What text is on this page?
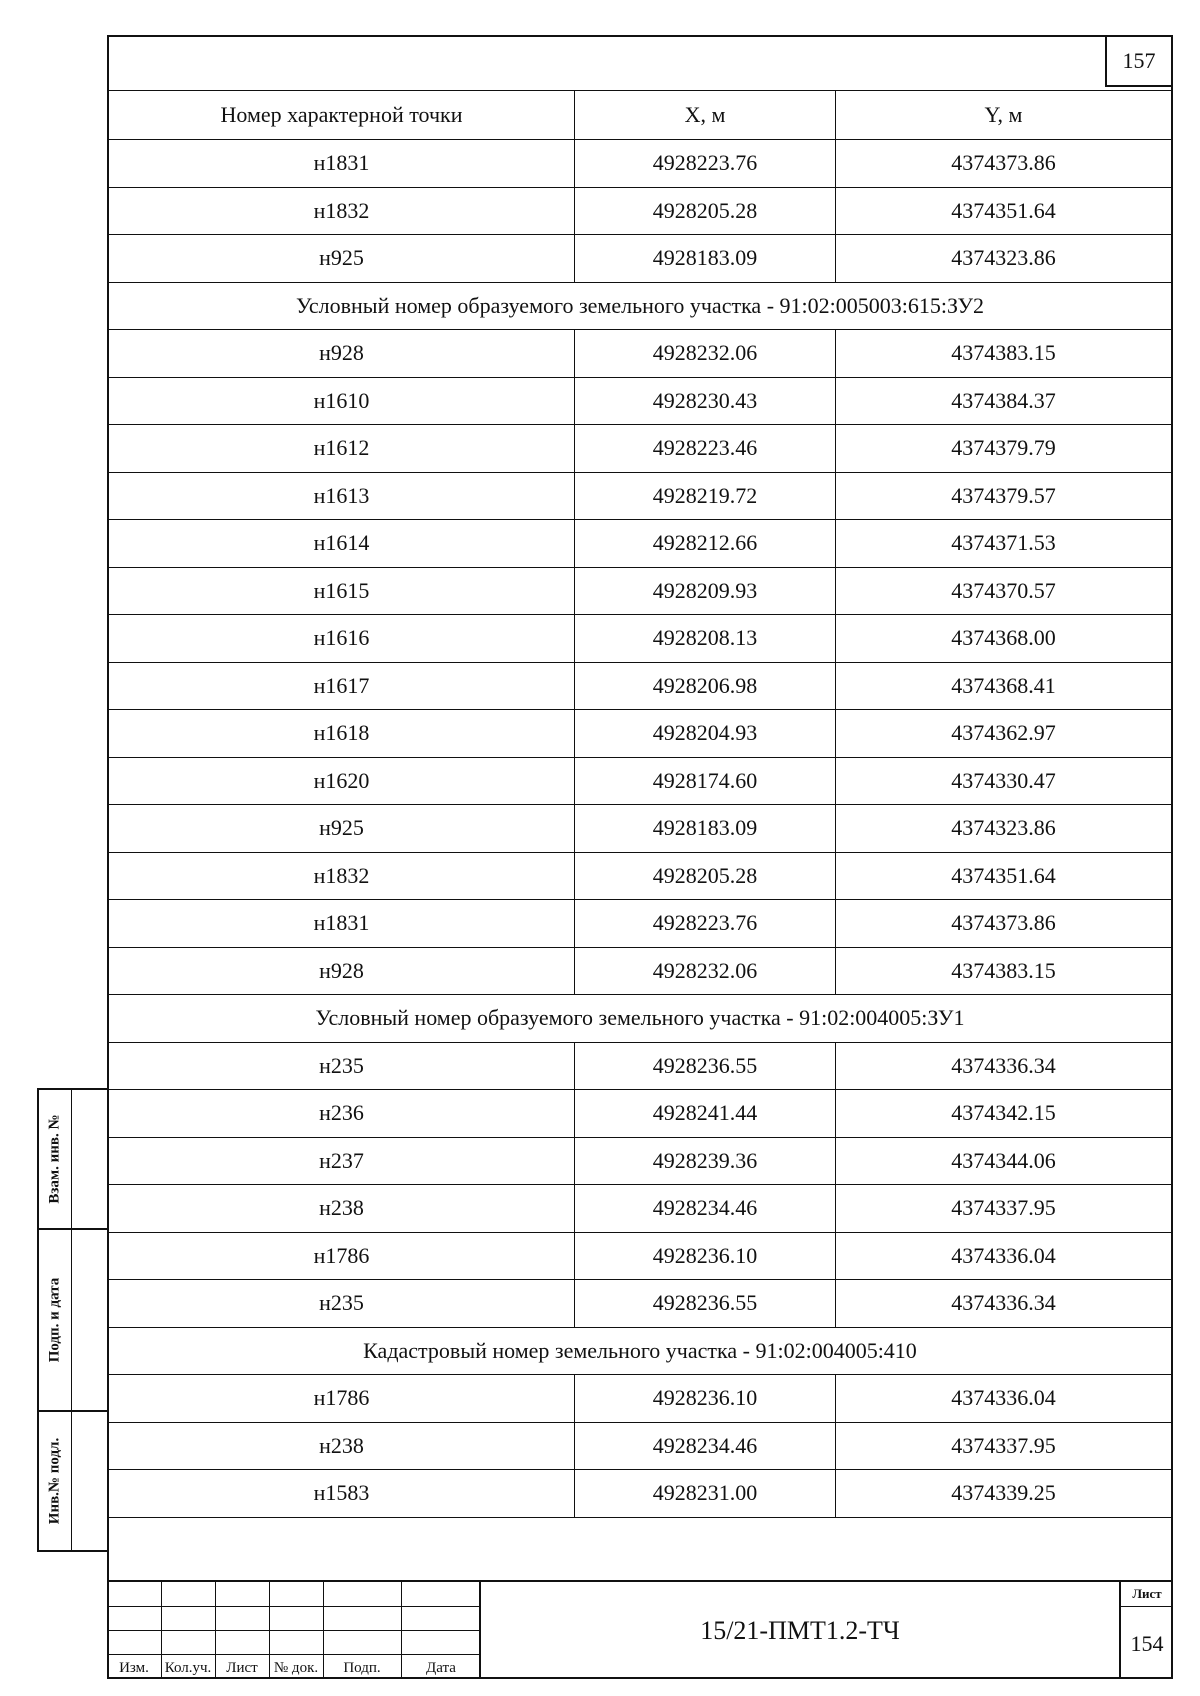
157
Номер характерной точки	X, м	Y, м
н1831	4928223.76	4374373.86
н1832	4928205.28	4374351.64
н925	4928183.09	4374323.86
Условный номер образуемого земельного участка - 91:02:005003:615:ЗУ2		
н928	4928232.06	4374383.15
н1610	4928230.43	4374384.37
н1612	4928223.46	4374379.79
н1613	4928219.72	4374379.57
н1614	4928212.66	4374371.53
н1615	4928209.93	4374370.57
н1616	4928208.13	4374368.00
н1617	4928206.98	4374368.41
н1618	4928204.93	4374362.97
н1620	4928174.60	4374330.47
н925	4928183.09	4374323.86
н1832	4928205.28	4374351.64
н1831	4928223.76	4374373.86
н928	4928232.06	4374383.15
Условный номер образуемого земельного участка - 91:02:004005:ЗУ1		
н235	4928236.55	4374336.34
н236	4928241.44	4374342.15
н237	4928239.36	4374344.06
н238	4928234.46	4374337.95
н1786	4928236.10	4374336.04
н235	4928236.55	4374336.34
Кадастровый номер земельного участка - 91:02:004005:410		
н1786	4928236.10	4374336.04
н238	4928234.46	4374337.95
н1583	4928231.00	4374339.25
Взам. инв. №
Подп. и дата
Инв.№ подл.
Изм.	Кол.уч. Лист	№ док.	Подп.	Дата
15/21-ПМТ1.2-ТЧ
Лист
154
